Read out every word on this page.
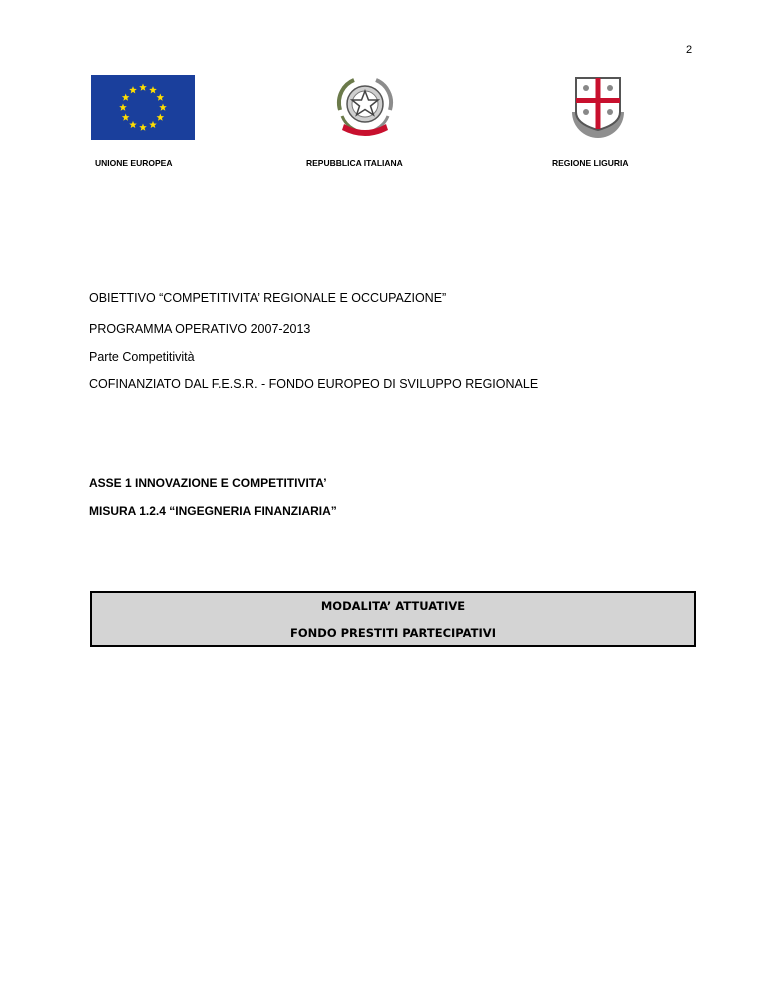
2
UNIONE EUROPEA	REPUBBLICA ITALIANA	REGIONE LIGURIA
OBIETTIVO “COMPETITIVITA’ REGIONALE E OCCUPAZIONE”
PROGRAMMA OPERATIVO 2007-2013
Parte Competitività
COFINANZIATO DAL F.E.S.R. - FONDO EUROPEO DI SVILUPPO REGIONALE
ASSE 1 INNOVAZIONE E COMPETITIVITA’
MISURA 1.2.4 “INGEGNERIA FINANZIARIA”
MODALITA’ ATTUATIVE
FONDO PRESTITI PARTECIPATIVI
